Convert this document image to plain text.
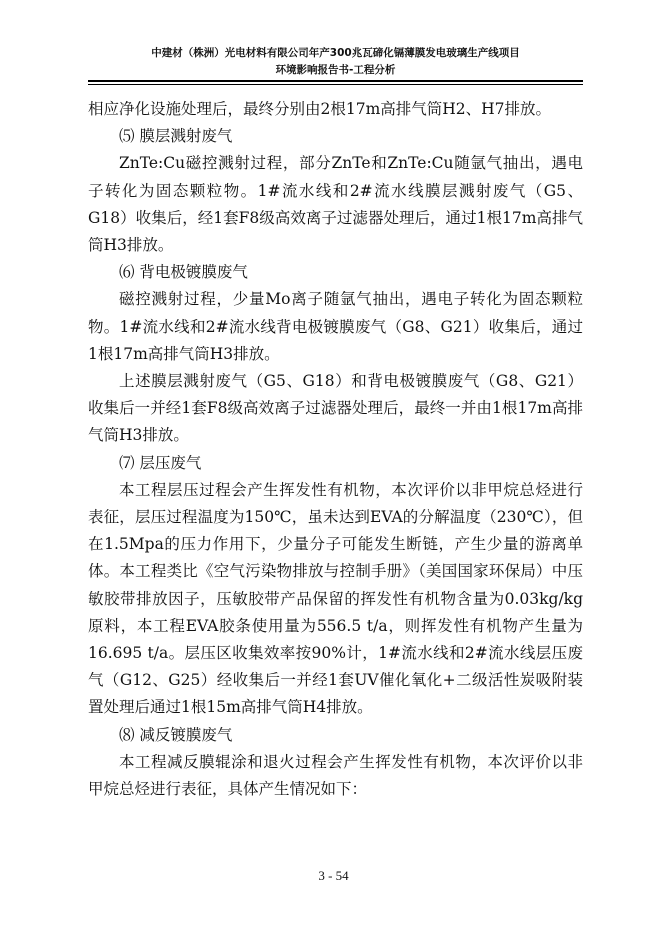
中建材（株洲）光电材料有限公司年产300兆瓦碲化镉薄膜发电玻璃生产线项目
环境影响报告书-工程分析

相应净化设施处理后，最终分别由2根17m高排气筒H2、H7排放。

⑸ 膜层溅射废气

ZnTe:Cu磁控溅射过程，部分ZnTe和ZnTe:Cu随氩气抽出，遇电子转化为固态颗粒物。1#流水线和2#流水线膜层溅射废气（G5、G18）收集后，经1套F8级高效离子过滤器处理后，通过1根17m高排气筒H3排放。

⑹ 背电极镀膜废气

磁控溅射过程，少量Mo离子随氩气抽出，遇电子转化为固态颗粒物。1#流水线和2#流水线背电极镀膜废气（G8、G21）收集后，通过1根17m高排气筒H3排放。

上述膜层溅射废气（G5、G18）和背电极镀膜废气（G8、G21）收集后一并经1套F8级高效离子过滤器处理后，最终一并由1根17m高排气筒H3排放。

⑺ 层压废气

本工程层压过程会产生挥发性有机物，本次评价以非甲烷总烃进行表征，层压过程温度为150℃，虽未达到EVA的分解温度（230℃），但在1.5Mpa的压力作用下，少量分子可能发生断链，产生少量的游离单体。本工程类比《空气污染物排放与控制手册》（美国国家环保局）中压敏胶带排放因子，压敏胶带产品保留的挥发性有机物含量为0.03kg/kg原料，本工程EVA胶条使用量为556.5 t/a，则挥发性有机物产生量为16.695 t/a。层压区收集效率按90%计，1#流水线和2#流水线层压废气（G12、G25）经收集后一并经1套UV催化氧化+二级活性炭吸附装置处理后通过1根15m高排气筒H4排放。

⑻ 减反镀膜废气

本工程减反膜辊涂和退火过程会产生挥发性有机物，本次评价以非甲烷总烃进行表征，具体产生情况如下：

3 - 54
